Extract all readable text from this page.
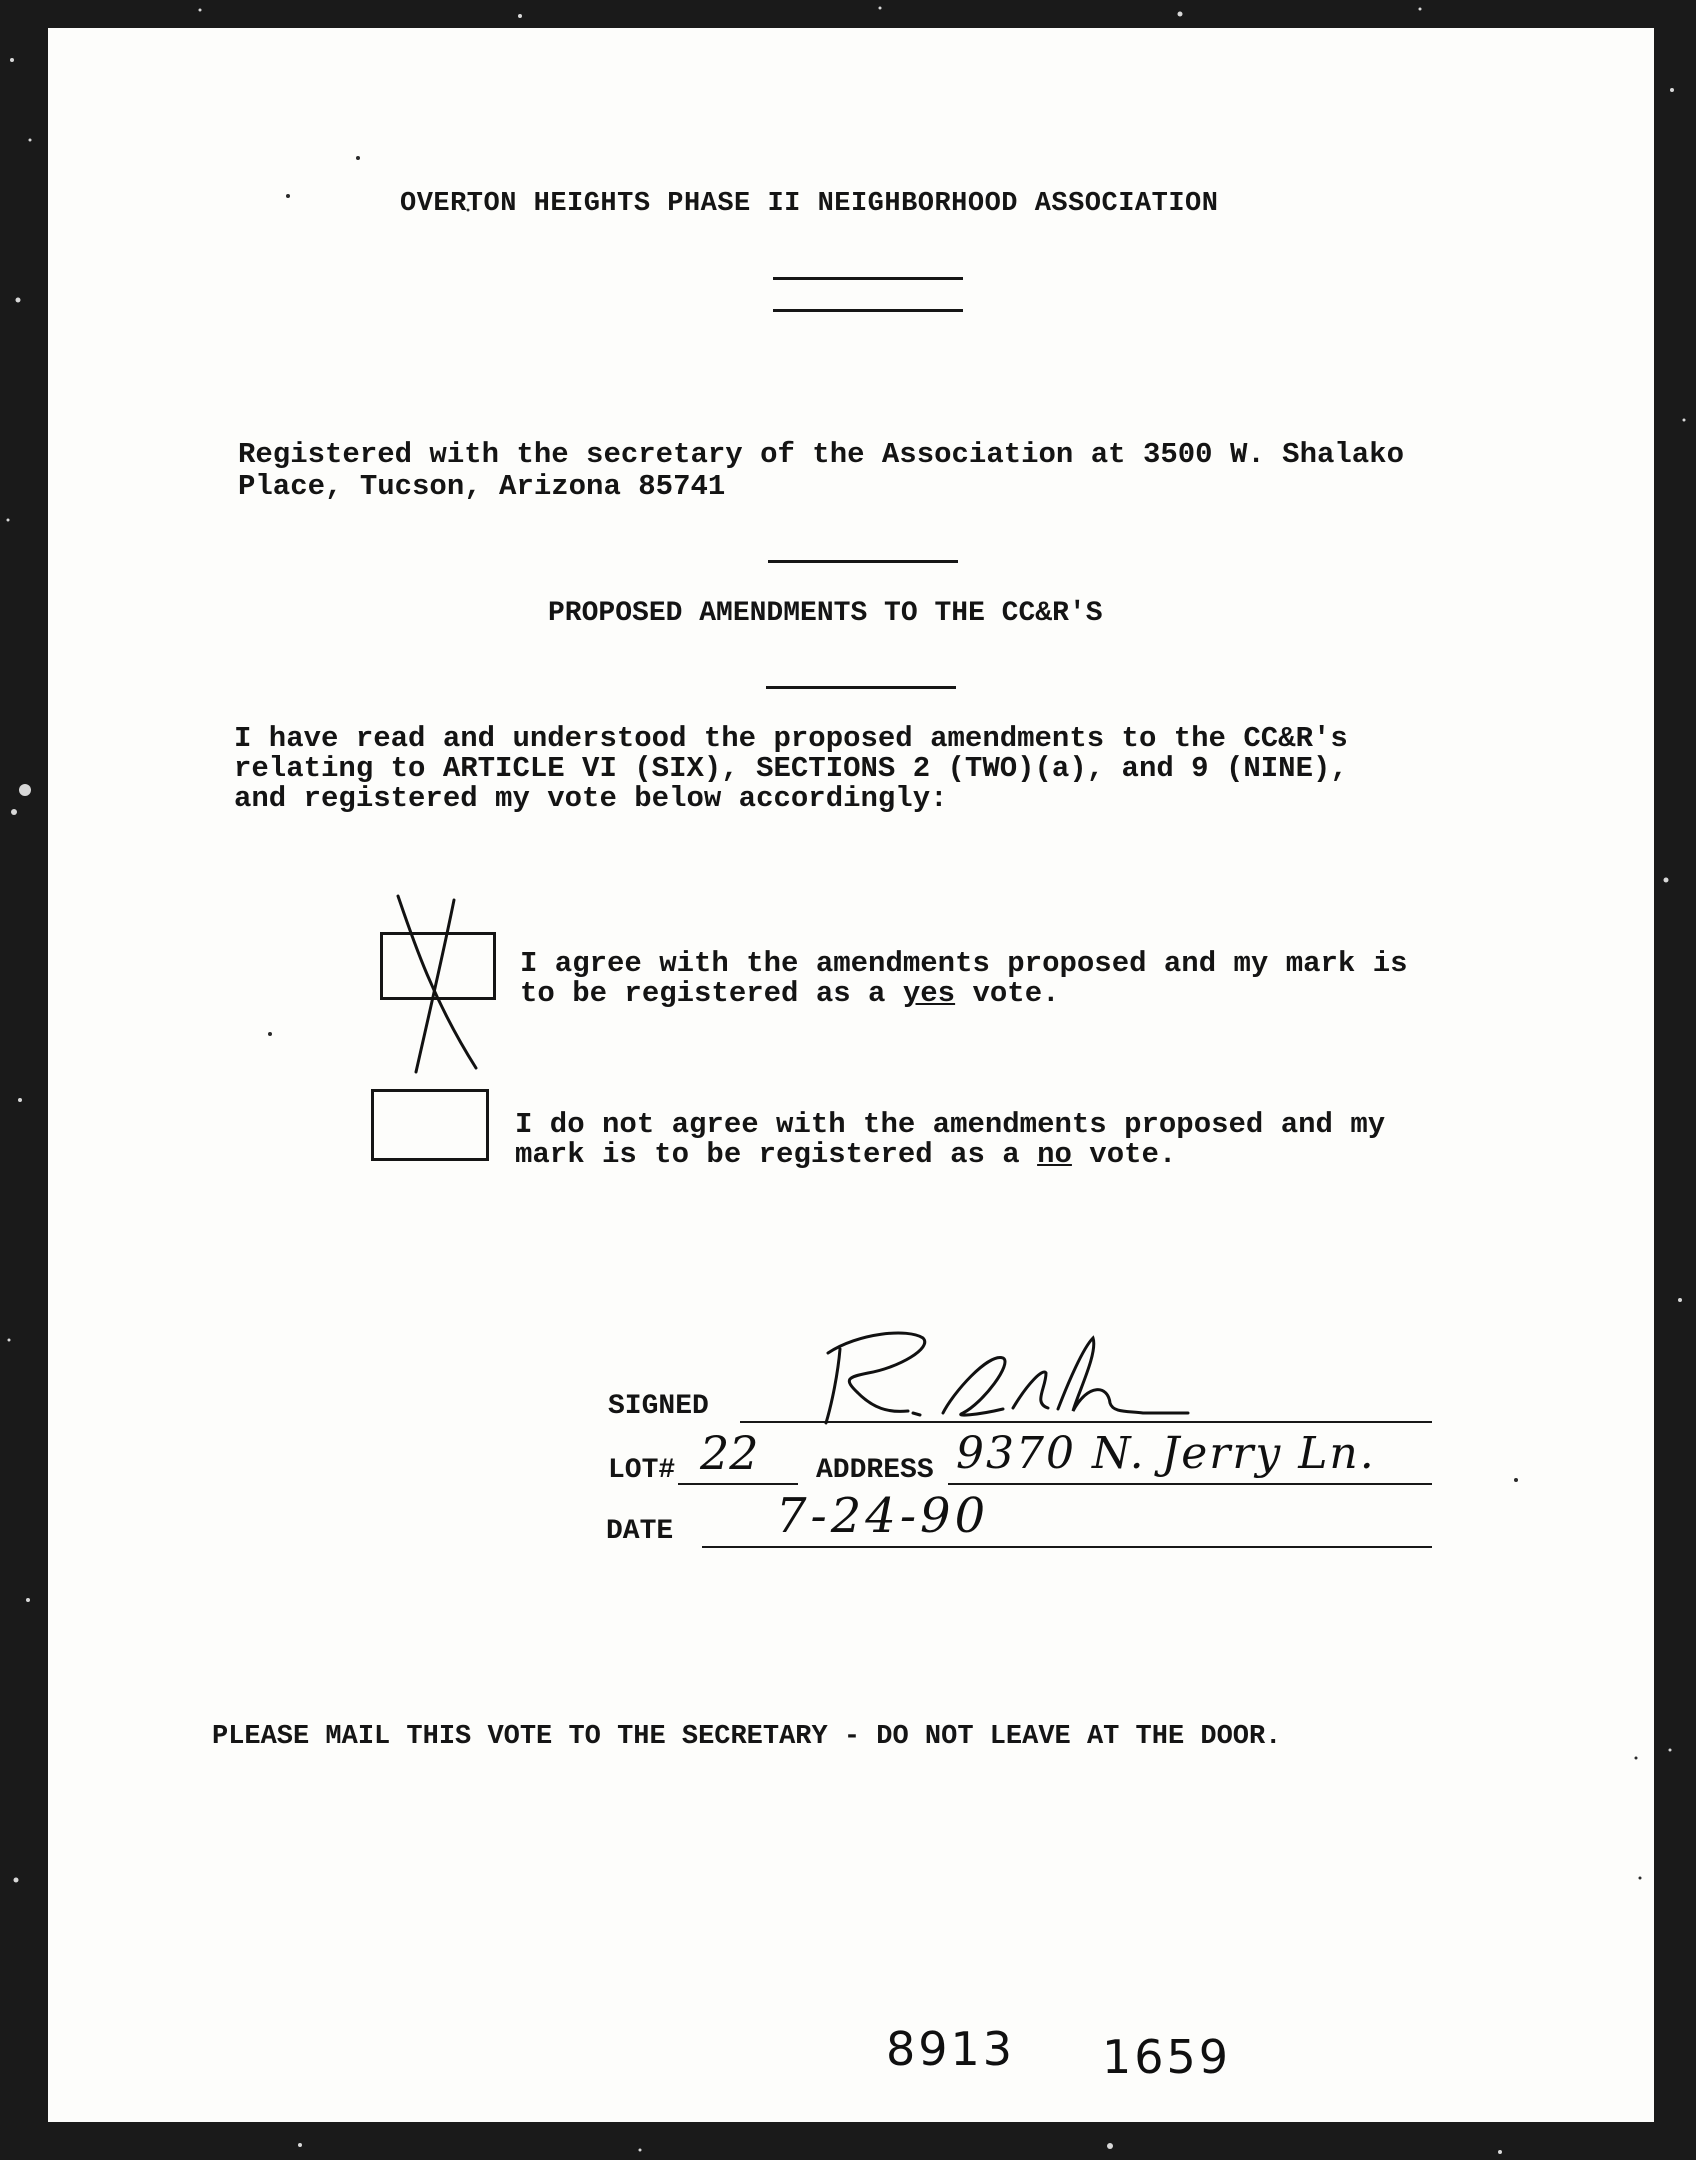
OVERTON HEIGHTS PHASE II NEIGHBORHOOD ASSOCIATION
Registered with the secretary of the Association at 3500 W. Shalako
Place, Tucson, Arizona 85741
PROPOSED AMENDMENTS TO THE CC&R'S
I have read and understood the proposed amendments to the CC&R's
relating to ARTICLE VI (SIX), SECTIONS 2 (TWO)(a), and 9 (NINE),
and registered my vote below accordingly:
I agree with the amendments proposed and my mark is
to be registered as a yes vote.
I do not agree with the amendments proposed and my
mark is to be registered as a no vote.
SIGNED
LOT# 22 ADDRESS 9370 N. Jerry Ln.
DATE 7-24-90
PLEASE MAIL THIS VOTE TO THE SECRETARY - DO NOT LEAVE AT THE DOOR.
8913 1659
